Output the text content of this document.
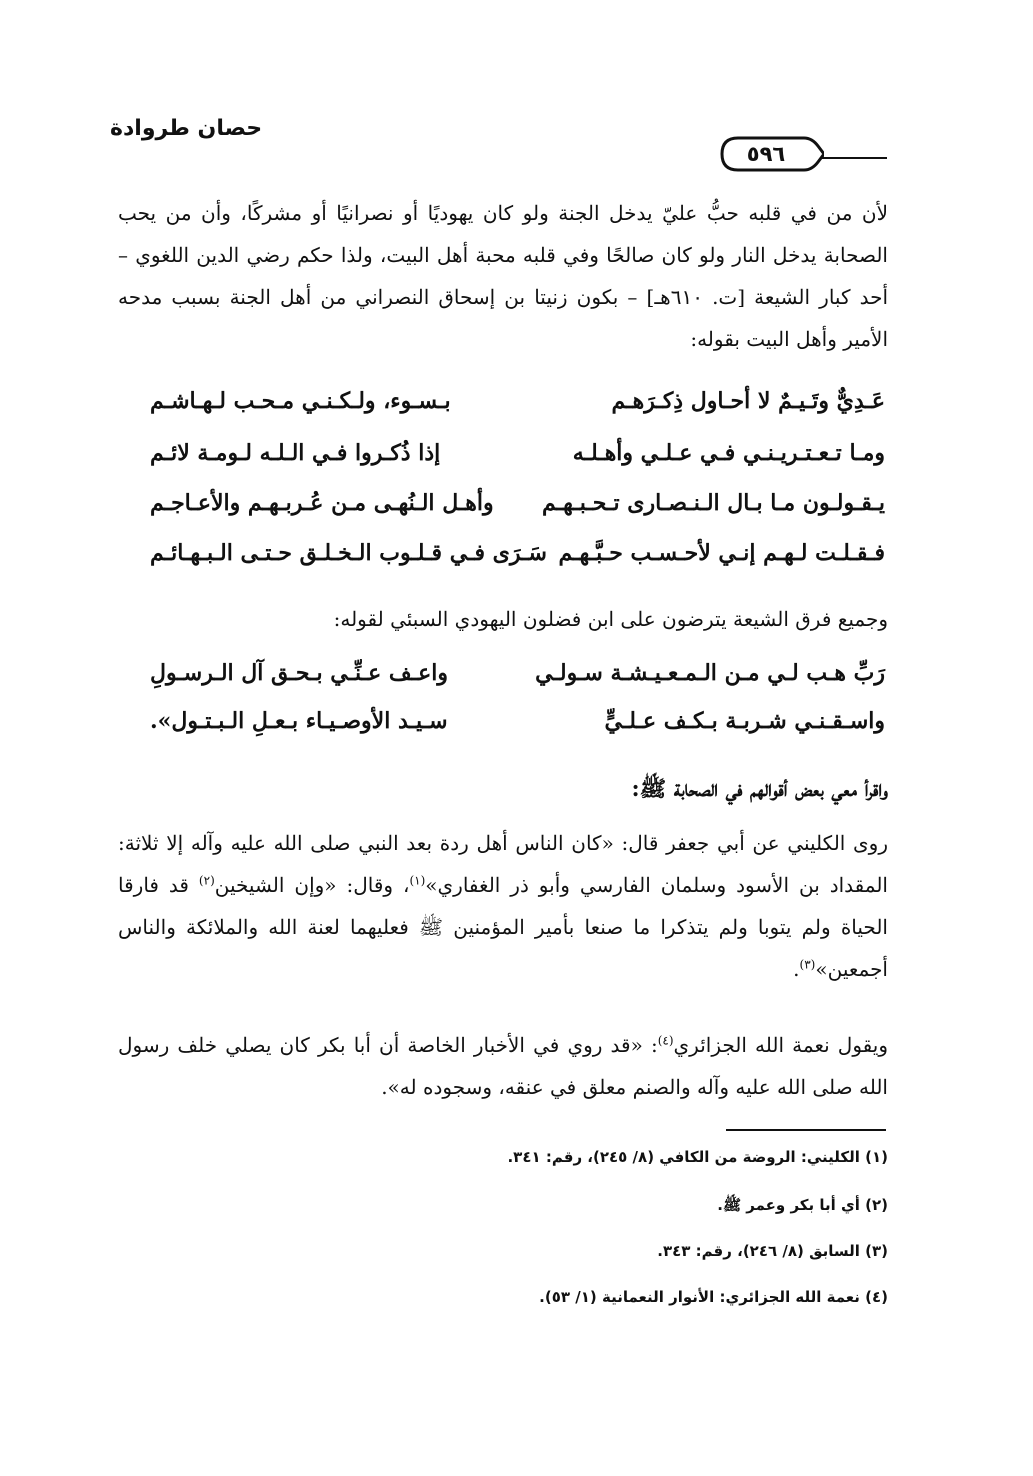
حصان طروادة
٥٩٦
لأن من في قلبه حبُّ عليّ يدخل الجنة ولو كان يهوديًا أو نصرانيًا أو مشركًا، وأن من يحب الصحابة يدخل النار ولو كان صالحًا وفي قلبه محبة أهل البيت، ولذا حكم رضي الدين اللغوي – أحد كبار الشيعة [ت. ٦١٠هـ] – بكون زنيتا بن إسحاق النصراني من أهل الجنة بسبب مدحه الأمير وأهل البيت بقوله:
عَـدِيٌّ وتَـيـمٌ لا أحـاول ذِكـرَهـم
بـسـوء، ولـكـنـي مـحـب لـهـاشـم
ومـا تـعـتـريـنـي فـي عـلـي وأهـلـه
إذا ذُكـروا فـي الـلـه لـومـة لائـم
يـقـولـون مـا بـال الـنـصـارى تـحـبـهـم
وأهـل الـنُهـى مـن عُـربـهـم والأعـاجـم
فـقـلـت لـهـم إنـي لأحـسـب حـبَّـهـم
سَـرَى فـي قـلـوب الـخـلـق حـتـى الـبـهـائـم
وجميع فرق الشيعة يترضون على ابن فضلون اليهودي السبئي لقوله:
رَبِّ هـب لـي مـن الـمـعـيـشـة سـولـي
واعـف عـنِّـي بـحـق آل الـرسـولِ
واسـقـنـي شـربـة بـكـف عـلـيٍّ
سـيـد الأوصـيـاء بـعـلِ الـبـتـول».
واقرأ معي بعض أقوالهم في الصحابة ﷺ:
روى الكليني عن أبي جعفر قال: «كان الناس أهل ردة بعد النبي صلى الله عليه وآله إلا ثلاثة: المقداد بن الأسود وسلمان الفارسي وأبو ذر الغفاري»$^{(١)}$، وقال: «وإن الشيخين$^{(٢)}$ قد فارقا الحياة ولم يتوبا ولم يتذكرا ما صنعا بأمير المؤمنين ﷺ فعليهما لعنة الله والملائكة والناس أجمعين»$^{(٣)}$.
ويقول نعمة الله الجزائري$^{(٤)}$: «قد روي في الأخبار الخاصة أن أبا بكر كان يصلي خلف رسول الله صلى الله عليه وآله والصنم معلق في عنقه، وسجوده له».
(١) الكليني: الروضة من الكافي (٨/ ٢٤٥)، رقم: ٣٤١.
(٢) أي أبا بكر وعمر ﷺ.
(٣) السابق (٨/ ٢٤٦)، رقم: ٣٤٣.
(٤) نعمة الله الجزائري: الأنوار النعمانية (١/ ٥٣).
